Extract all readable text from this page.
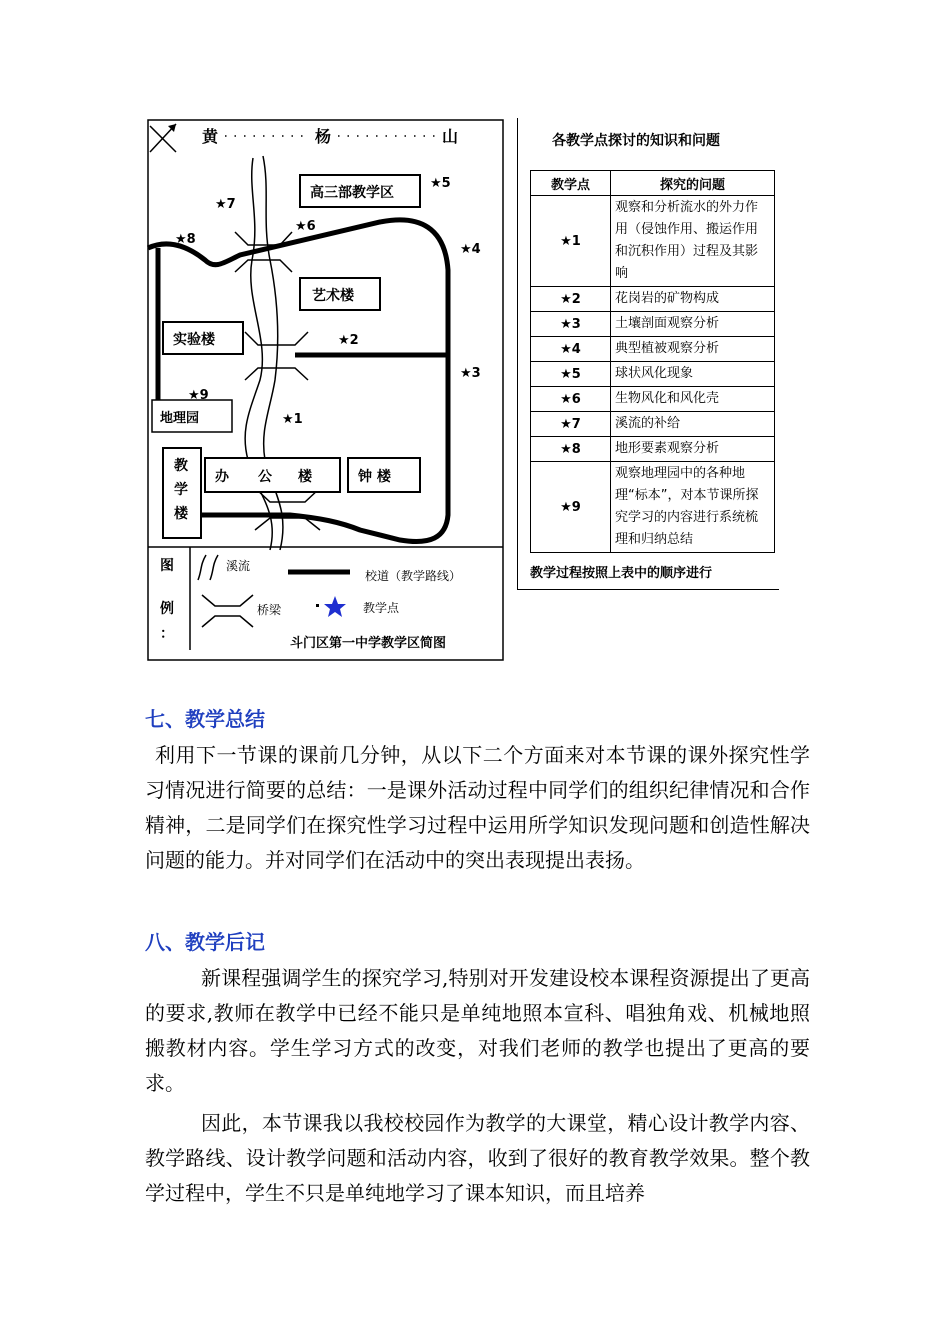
黄	杨	山
高三部教学区
艺术楼
实验楼
地理园
教
学
楼
办 公 楼	钟 楼
★5
★7
★6
★8
★4
★2
★3
★9
★1
图
例
：
溪流
校道（教学路线）
桥梁	教学点
斗门区第一中学教学区简图
各教学点探讨的知识和问题
教学点	探究的问题
★1	观察和分析流水的外力作用（侵蚀作用、搬运作用和沉积作用）过程及其影响
★2	花岗岩的矿物构成
★3	土壤剖面观察分析
★4	典型植被观察分析
★5	球状风化现象
★6	生物风化和风化壳
★7	溪流的补给
★8	地形要素观察分析
★9	观察地理园中的各种地理“标本”，对本节课所探究学习的内容进行系统梳理和归纳总结
教学过程按照上表中的顺序进行
七、教学总结

利用下一节课的课前几分钟，从以下二个方面来对本节课的课外探究性学习情况进行简要的总结：一是课外活动过程中同学们的组织纪律情况和合作精神，二是同学们在探究性学习过程中运用所学知识发现问题和创造性解决问题的能力。并对同学们在活动中的突出表现提出表扬。

八、教学后记

新课程强调学生的探究学习,特别对开发建设校本课程资源提出了更高的要求,教师在教学中已经不能只是单纯地照本宣科、唱独角戏、机械地照搬教材内容。学生学习方式的改变，对我们老师的教学也提出了更高的要求。

因此，本节课我以我校校园作为教学的大课堂，精心设计教学内容、教学路线、设计教学问题和活动内容，收到了很好的教育教学效果。整个教学过程中，学生不只是单纯地学习了课本知识，而且培养
